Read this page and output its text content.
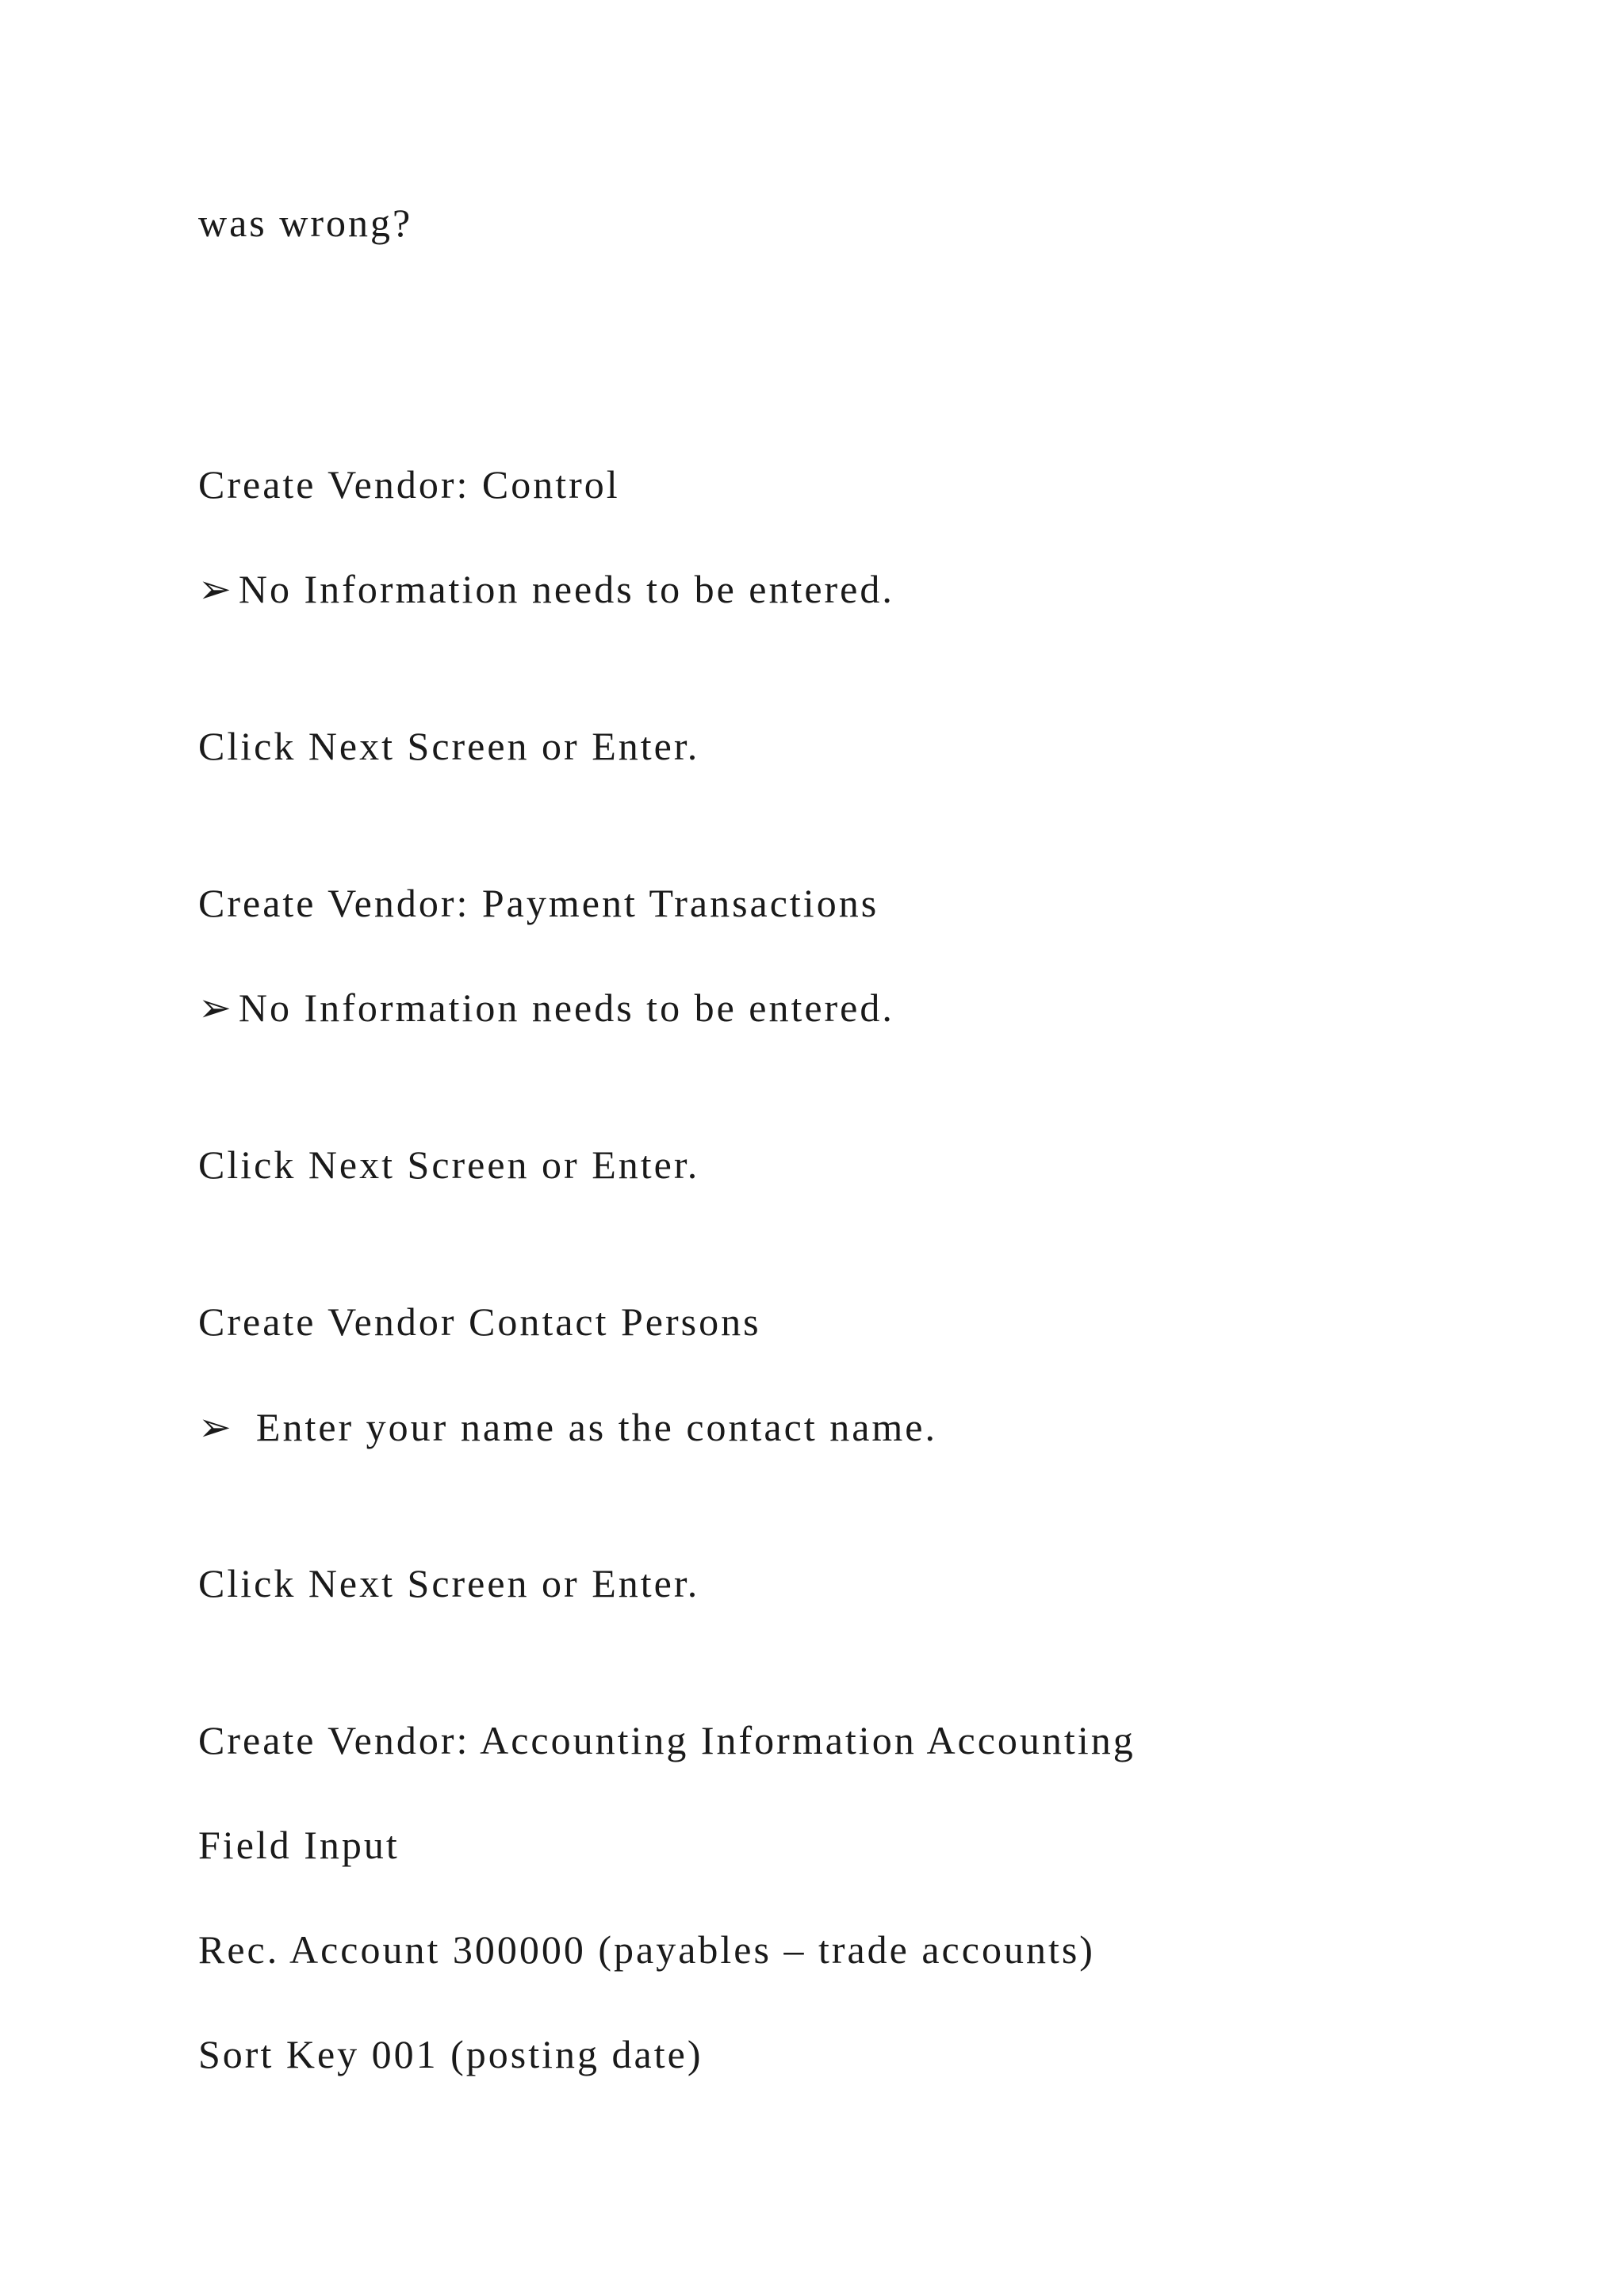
was wrong?
Create Vendor: Control
➢ No Information needs to be entered.
Click Next Screen or Enter.
Create Vendor: Payment Transactions
➢ No Information needs to be entered.
Click Next Screen or Enter.
Create Vendor Contact Persons
➢ Enter your name as the contact name.
Click Next Screen or Enter.
Create Vendor: Accounting Information Accounting
Field Input
Rec. Account 300000 (payables – trade accounts)
Sort Key 001 (posting date)
